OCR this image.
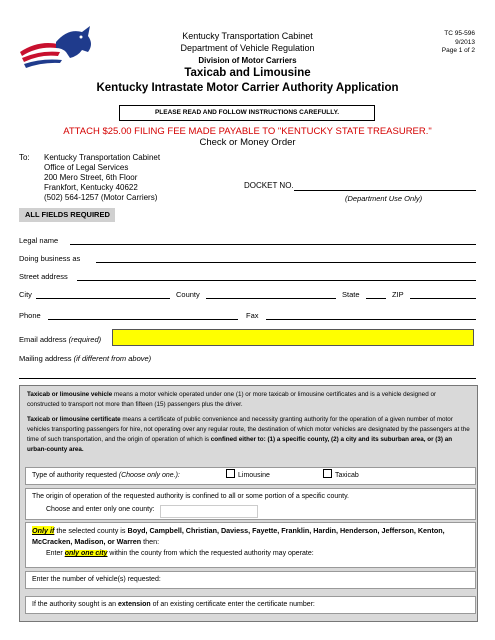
Kentucky Transportation Cabinet
Department of Vehicle Regulation
Division of Motor Carriers
Taxicab and Limousine
Kentucky Intrastate Motor Carrier Authority Application
TC 95-596
9/2013
Page 1 of 2
PLEASE READ AND FOLLOW INSTRUCTIONS CAREFULLY.
ATTACH $25.00 FILING FEE MADE PAYABLE TO "KENTUCKY STATE TREASURER."
Check or Money Order
To: Kentucky Transportation Cabinet
Office of Legal Services
200 Mero Street, 6th Floor
Frankfort, Kentucky 40622
(502) 564-1257 (Motor Carriers)
DOCKET NO.
(Department Use Only)
ALL FIELDS REQUIRED
Legal name
Doing business as
Street address
City	County	State	ZIP
Phone	Fax
Email address (required)
Mailing address (if different from above)
Taxicab or limousine vehicle means a motor vehicle operated under one (1) or more taxicab or limousine certificates and is a vehicle designed or constructed to transport not more than fifteen (15) passengers plus the driver.
Taxicab or limousine certificate means a certificate of public convenience and necessity granting authority for the operation of a given number of motor vehicles transporting passengers for hire, not operating over any regular route, the destination of which motor vehicles are designated by the passengers at the time of such transportation, and the origin of operation of which is confined either to: (1) a specific county, (2) a city and its suburban area, or (3) an urban-county area.
Type of authority requested (Choose only one.):	Limousine	Taxicab
The origin of operation of the requested authority is confined to all or some portion of a specific county.
Choose and enter only one county:
Only if the selected county is Boyd, Campbell, Christian, Daviess, Fayette, Franklin, Hardin, Henderson, Jefferson, Kenton, McCracken, Madison, or Warren then:
Enter only one city within the county from which the requested authority may operate:
Enter the number of vehicle(s) requested:
If the authority sought is an extension of an existing certificate enter the certificate number:
